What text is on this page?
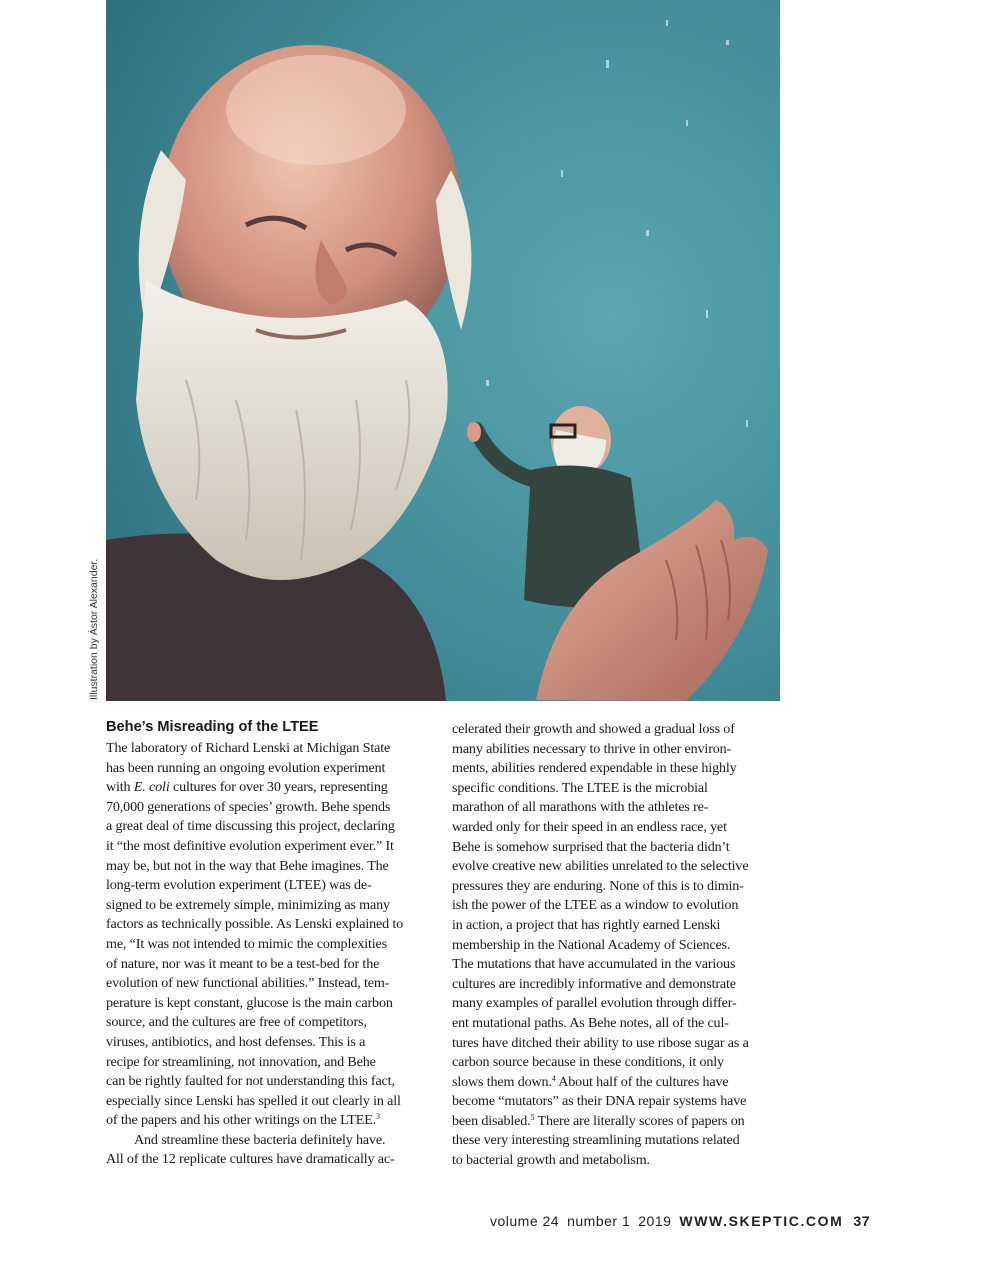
Illustration by Ástor Alexander.
Behe’s Misreading of the LTEE

The laboratory of Richard Lenski at Michigan State
has been running an ongoing evolution experiment
with E. coli cultures for over 30 years, representing
70,000 generations of species’ growth. Behe spends
a great deal of time discussing this project, declaring
it “the most definitive evolution experiment ever.” It
may be, but not in the way that Behe imagines. The
long-term evolution experiment (LTEE) was de-
signed to be extremely simple, minimizing as many
factors as technically possible. As Lenski explained to
me, “It was not intended to mimic the complexities
of nature, nor was it meant to be a test-bed for the
evolution of new functional abilities.” Instead, tem-
perature is kept constant, glucose is the main carbon
source, and the cultures are free of competitors,
viruses, antibiotics, and host defenses. This is a
recipe for streamlining, not innovation, and Behe
can be rightly faulted for not understanding this fact,
especially since Lenski has spelled it out clearly in all
of the papers and his other writings on the LTEE.$^3$

And streamline these bacteria definitely have.
All of the 12 replicate cultures have dramatically ac-

celerated their growth and showed a gradual loss of
many abilities necessary to thrive in other environ-
ments, abilities rendered expendable in these highly
specific conditions. The LTEE is the microbial
marathon of all marathons with the athletes re-
warded only for their speed in an endless race, yet
Behe is somehow surprised that the bacteria didn’t
evolve creative new abilities unrelated to the selective
pressures they are enduring. None of this is to dimin-
ish the power of the LTEE as a window to evolution
in action, a project that has rightly earned Lenski
membership in the National Academy of Sciences.
The mutations that have accumulated in the various
cultures are incredibly informative and demonstrate
many examples of parallel evolution through differ-
ent mutational paths. As Behe notes, all of the cul-
tures have ditched their ability to use ribose sugar as a
carbon source because in these conditions, it only
slows them down.$^4$ About half of the cultures have
become “mutators” as their DNA repair systems have
been disabled.$^5$ There are literally scores of papers on
these very interesting streamlining mutations related
to bacterial growth and metabolism.

volume 24 number 1 2019 WWW.SKEPTIC.COM 37
